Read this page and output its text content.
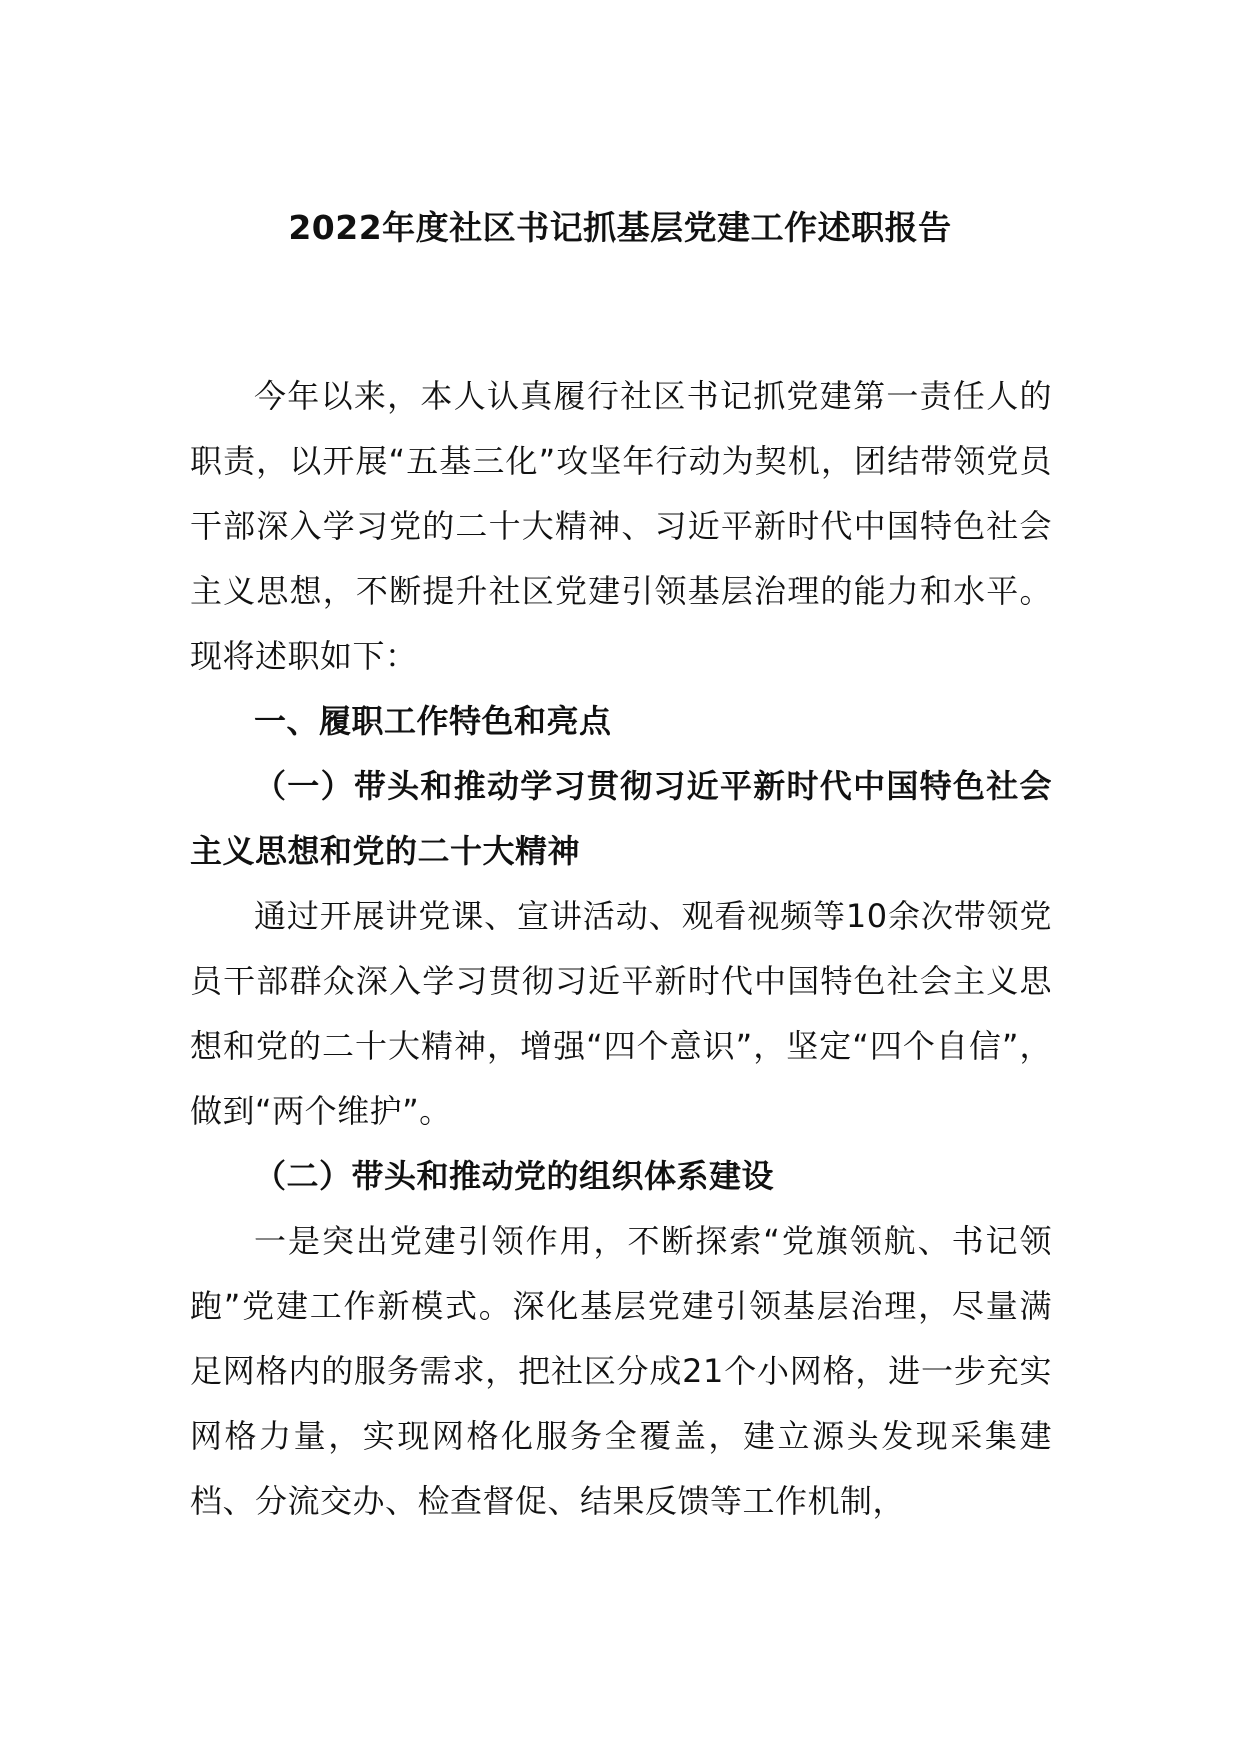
2022年度社区书记抓基层党建工作述职报告

今年以来，本人认真履行社区书记抓党建第一责任人的职责，以开展“五基三化”攻坚年行动为契机，团结带领党员干部深入学习党的二十大精神、习近平新时代中国特色社会主义思想，不断提升社区党建引领基层治理的能力和水平。现将述职如下：

一、履职工作特色和亮点

（一）带头和推动学习贯彻习近平新时代中国特色社会主义思想和党的二十大精神

通过开展讲党课、宣讲活动、观看视频等10余次带领党员干部群众深入学习贯彻习近平新时代中国特色社会主义思想和党的二十大精神，增强“四个意识”，坚定“四个自信”，做到“两个维护”。

（二）带头和推动党的组织体系建设

一是突出党建引领作用，不断探索“党旗领航、书记领跑”党建工作新模式。深化基层党建引领基层治理，尽量满足网格内的服务需求，把社区分成21个小网格，进一步充实网格力量，实现网格化服务全覆盖，建立源头发现采集建档、分流交办、检查督促、结果反馈等工作机制，
